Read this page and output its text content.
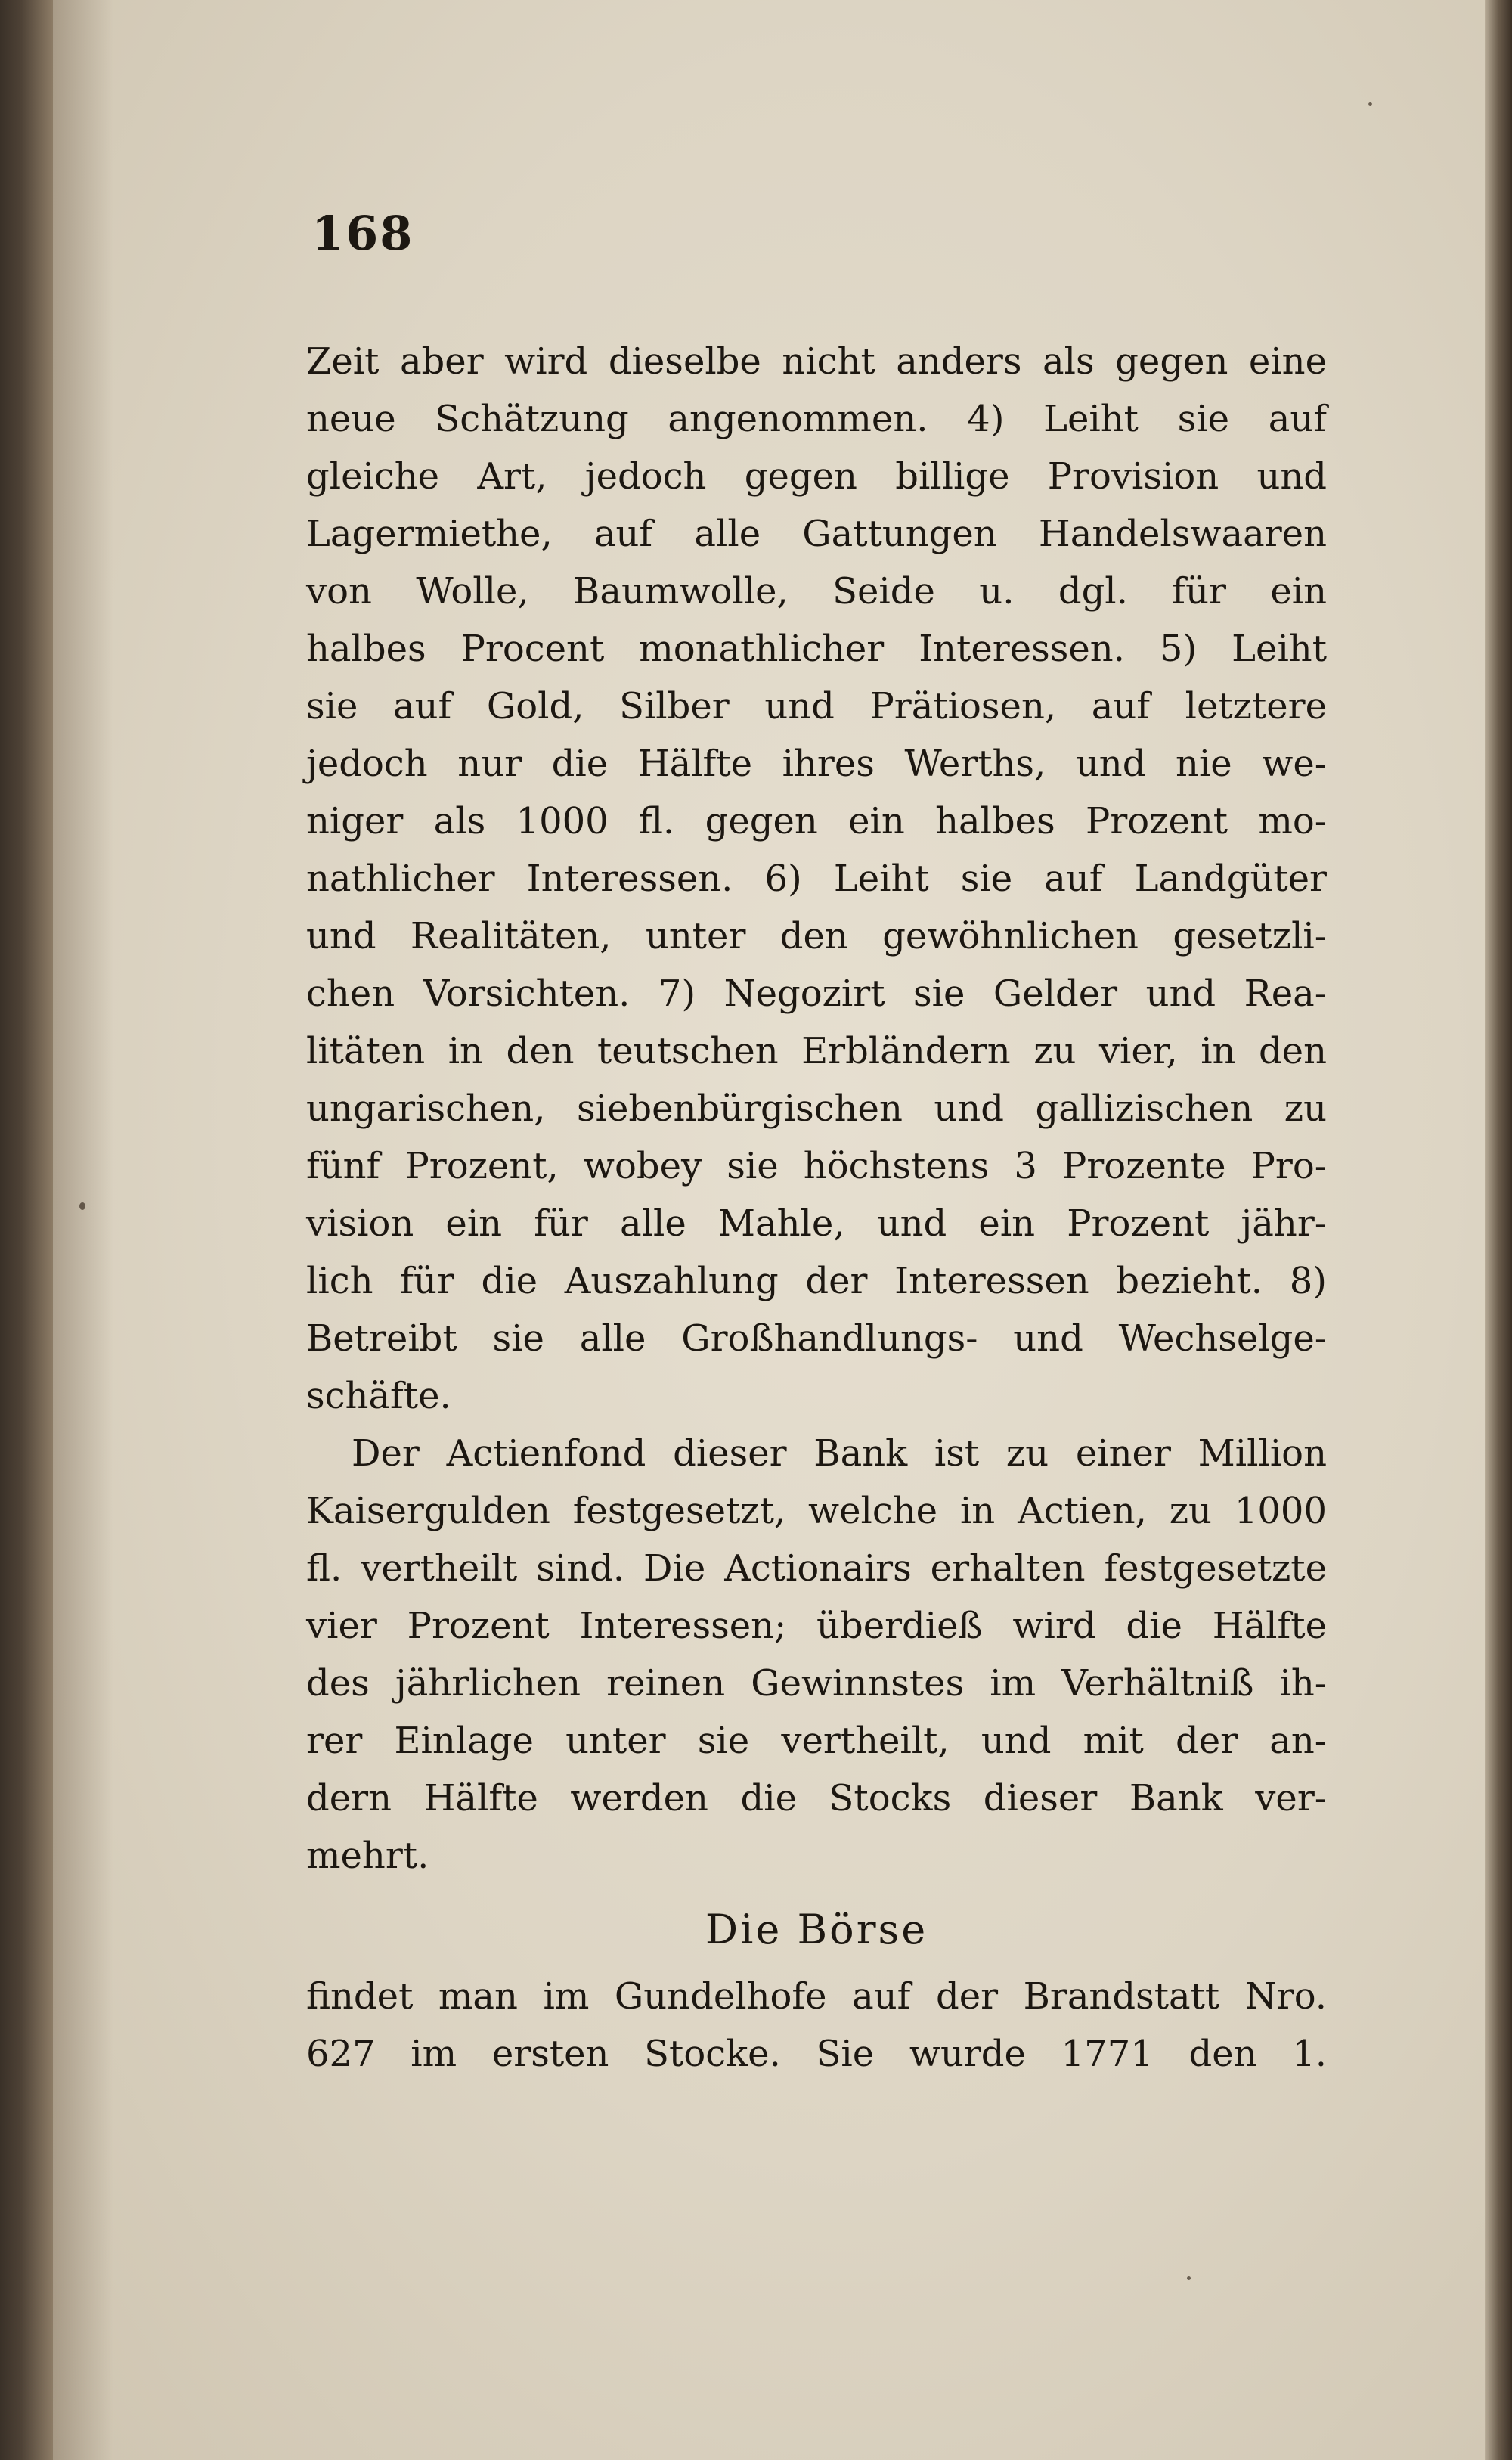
168
Zeit aber wird dieselbe nicht anders als gegen eine
neue Schätzung angenommen. 4) Leiht sie auf
gleiche Art, jedoch gegen billige Provision und
Lagermiethe, auf alle Gattungen Handelswaaren
von Wolle, Baumwolle, Seide u. dgl. für ein
halbes Procent monathlicher Interessen. 5) Leiht
sie auf Gold, Silber und Prätiosen, auf letztere
jedoch nur die Hälfte ihres Werths, und nie we-
niger als 1000 fl. gegen ein halbes Prozent mo-
nathlicher Interessen. 6) Leiht sie auf Landgüter
und Realitäten, unter den gewöhnlichen gesetzli-
chen Vorsichten. 7) Negozirt sie Gelder und Rea-
litäten in den teutschen Erbländern zu vier, in den
ungarischen, siebenbürgischen und gallizischen zu
fünf Prozent, wobey sie höchstens 3 Prozente Pro-
vision ein für alle Mahle, und ein Prozent jähr-
lich für die Auszahlung der Interessen bezieht. 8)
Betreibt sie alle Großhandlungs- und Wechselge-
schäfte.
Der Actienfond dieser Bank ist zu einer Million
Kaisergulden festgesetzt, welche in Actien, zu 1000
fl. vertheilt sind. Die Actionairs erhalten festgesetzte
vier Prozent Interessen; überdieß wird die Hälfte
des jährlichen reinen Gewinnstes im Verhältniß ih-
rer Einlage unter sie vertheilt, und mit der an-
dern Hälfte werden die Stocks dieser Bank ver-
mehrt.
Die Börse
findet man im Gundelhofe auf der Brandstatt Nro.
627 im ersten Stocke. Sie wurde 1771 den 1.
